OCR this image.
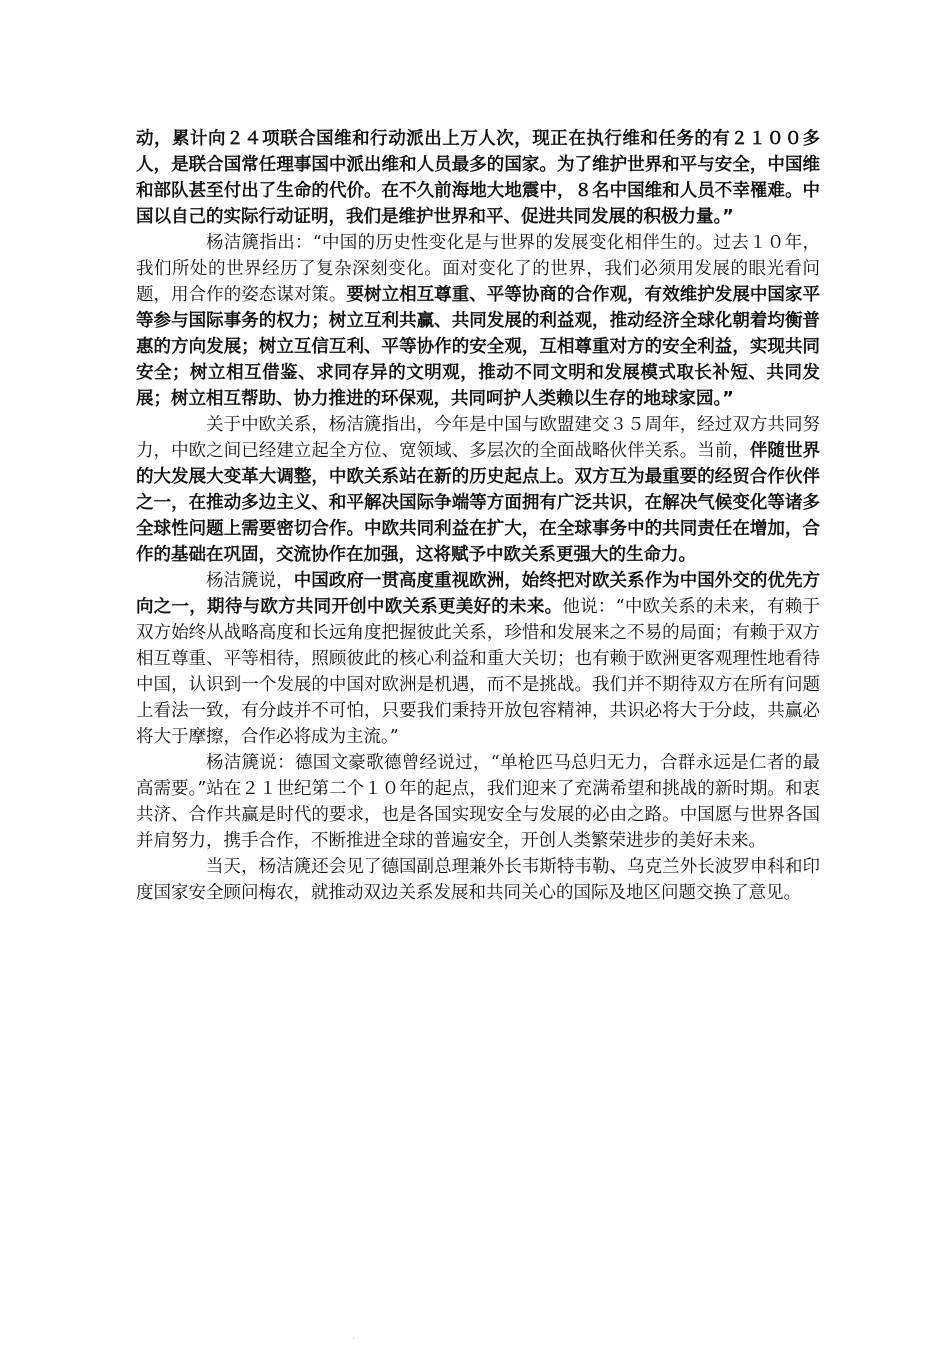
动，累计向２４项联合国维和行动派出上万人次，现正在执行维和任务的有２１００多人，是联合国常任理事国中派出维和人员最多的国家。为了维护世界和平与安全，中国维和部队甚至付出了生命的代价。在不久前海地大地震中，８名中国维和人员不幸罹难。中国以自己的实际行动证明，我们是维护世界和平、促进共同发展的积极力量。”

杨洁篪指出：“中国的历史性变化是与世界的发展变化相伴生的。过去１０年，我们所处的世界经历了复杂深刻变化。面对变化了的世界，我们必须用发展的眼光看问题，用合作的姿态谋对策。要树立相互尊重、平等协商的合作观，有效维护发展中国家平等参与国际事务的权力；树立互利共赢、共同发展的利益观，推动经济全球化朝着均衡普惠的方向发展；树立互信互利、平等协作的安全观，互相尊重对方的安全利益，实现共同安全；树立相互借鉴、求同存异的文明观，推动不同文明和发展模式取长补短、共同发展；树立相互帮助、协力推进的环保观，共同呵护人类赖以生存的地球家园。”

关于中欧关系，杨洁篪指出，今年是中国与欧盟建交３５周年，经过双方共同努力，中欧之间已经建立起全方位、宽领域、多层次的全面战略伙伴关系。当前，伴随世界的大发展大变革大调整，中欧关系站在新的历史起点上。双方互为最重要的经贸合作伙伴之一，在推动多边主义、和平解决国际争端等方面拥有广泛共识，在解决气候变化等诸多全球性问题上需要密切合作。中欧共同利益在扩大，在全球事务中的共同责任在增加，合作的基础在巩固，交流协作在加强，这将赋予中欧关系更强大的生命力。

杨洁篪说，中国政府一贯高度重视欧洲，始终把对欧关系作为中国外交的优先方向之一，期待与欧方共同开创中欧关系更美好的未来。他说：“中欧关系的未来，有赖于双方始终从战略高度和长远角度把握彼此关系，珍惜和发展来之不易的局面；有赖于双方相互尊重、平等相待，照顾彼此的核心利益和重大关切；也有赖于欧洲更客观理性地看待中国，认识到一个发展的中国对欧洲是机遇，而不是挑战。我们并不期待双方在所有问题上看法一致，有分歧并不可怕，只要我们秉持开放包容精神，共识必将大于分歧，共赢必将大于摩擦，合作必将成为主流。”

杨洁篪说：德国文豪歌德曾经说过，“单枪匹马总归无力，合群永远是仁者的最高需要。”站在２１世纪第二个１０年的起点，我们迎来了充满希望和挑战的新时期。和衷共济、合作共赢是时代的要求，也是各国实现安全与发展的必由之路。中国愿与世界各国并肩努力，携手合作，不断推进全球的普遍安全，开创人类繁荣进步的美好未来。

当天，杨洁篪还会见了德国副总理兼外长韦斯特韦勒、乌克兰外长波罗申科和印度国家安全顾问梅农，就推动双边关系发展和共同关心的国际及地区问题交换了意见。

·
